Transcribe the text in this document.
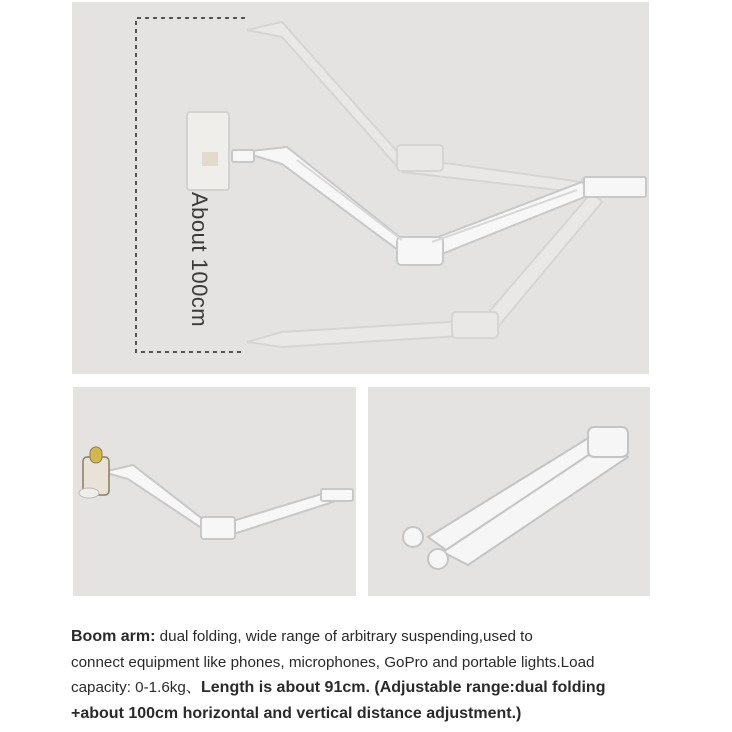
About 100cm
Boom arm: dual folding, wide range of arbitrary suspending,used to
connect equipment like phones, microphones, GoPro and portable lights.Load
capacity: 0-1.6kg、Length is about 91cm. (Adjustable range:dual folding
+about 100cm horizontal and vertical distance adjustment.)
